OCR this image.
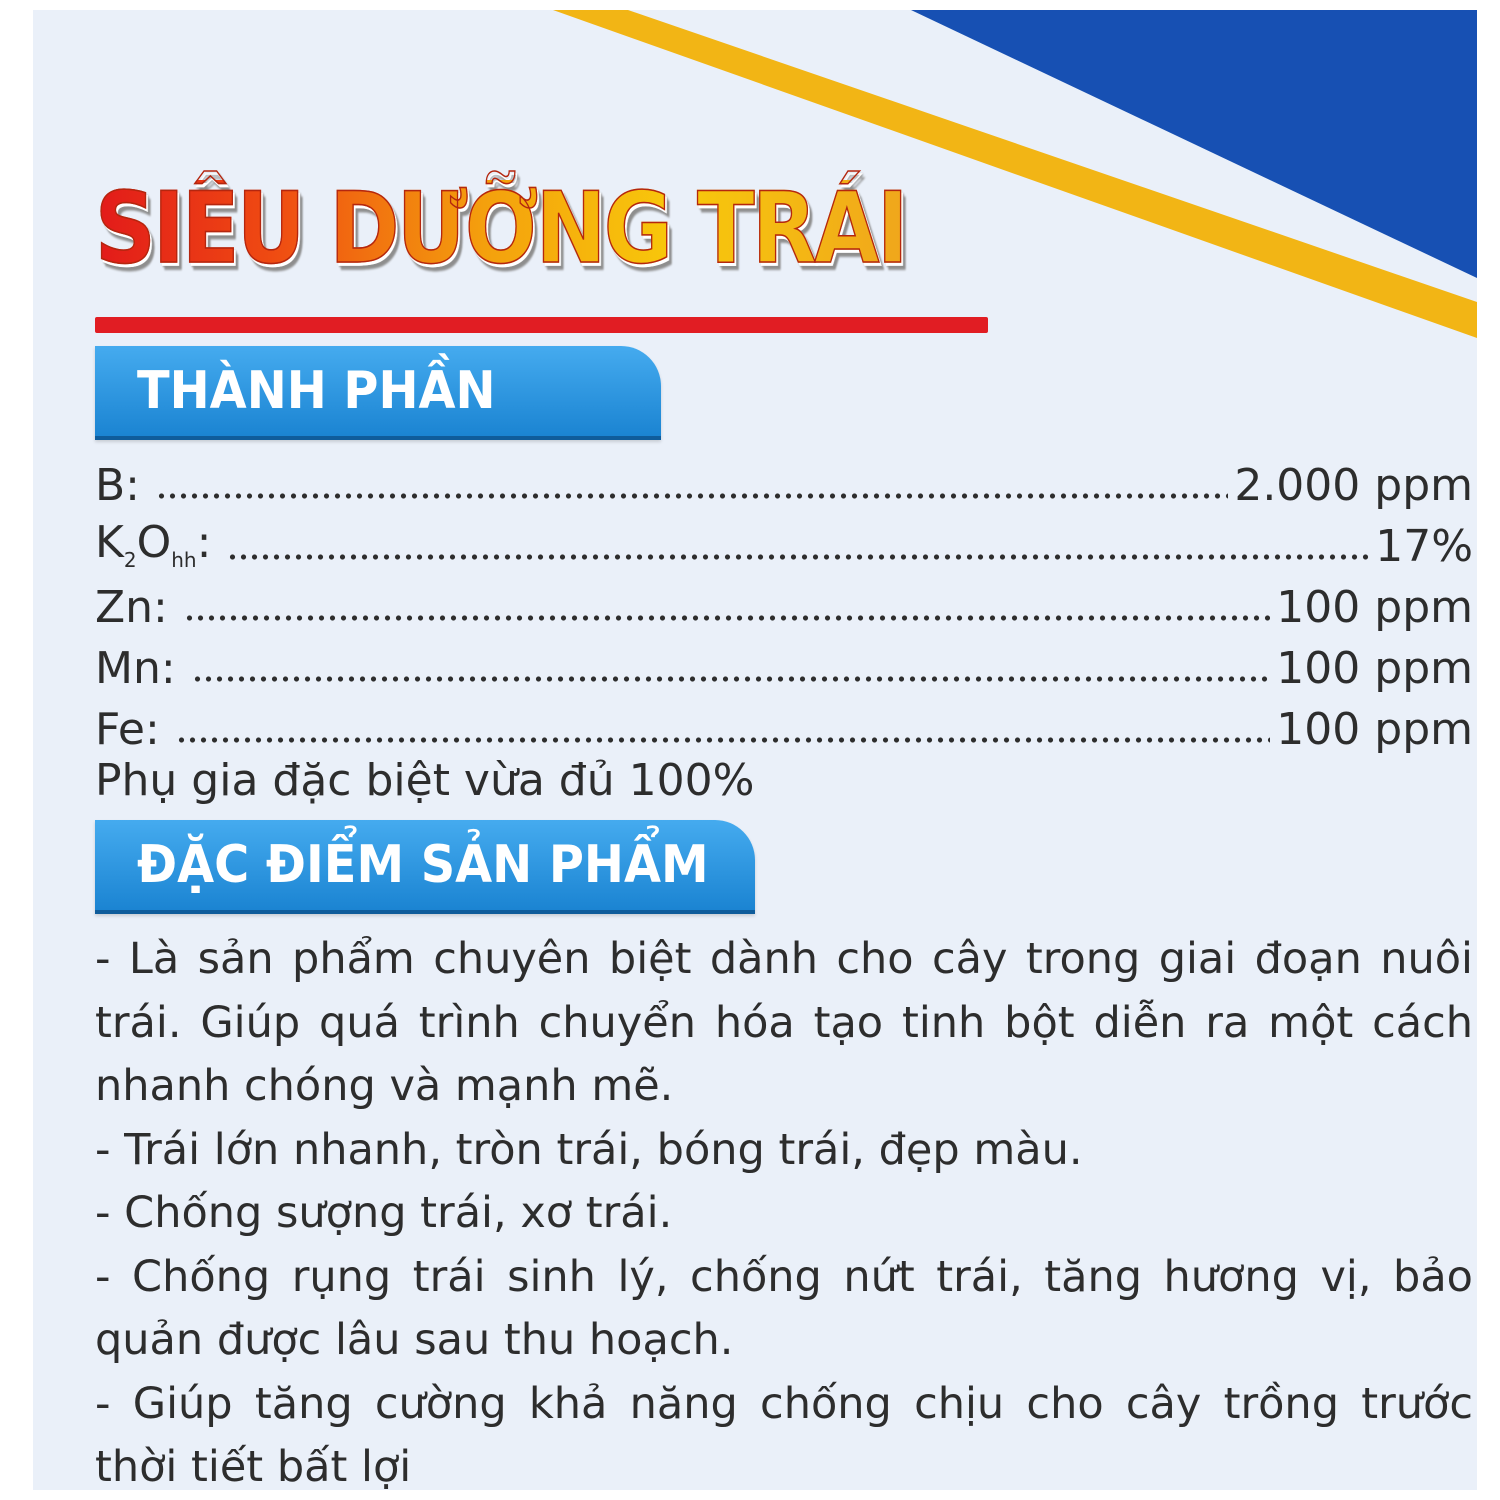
SIÊU DƯỠNG TRÁI
THÀNH PHẦN
B:	2.000 ppm
$K_2O_{hh}$:	17%
Zn:	100 ppm
Mn:	100 ppm
Fe:	100 ppm
Phụ gia đặc biệt vừa đủ 100%
ĐẶC ĐIỂM SẢN PHẨM
- Là sản phẩm chuyên biệt dành cho cây trong giai đoạn nuôi trái. Giúp quá trình chuyển hóa tạo tinh bột diễn ra một cách nhanh chóng và mạnh mẽ.
- Trái lớn nhanh, tròn trái, bóng trái, đẹp màu.
- Chống sượng trái, xơ trái.
- Chống rụng trái sinh lý, chống nứt trái, tăng hương vị, bảo quản được lâu sau thu hoạch.
- Giúp tăng cường khả năng chống chịu cho cây trồng trước thời tiết bất lợi
